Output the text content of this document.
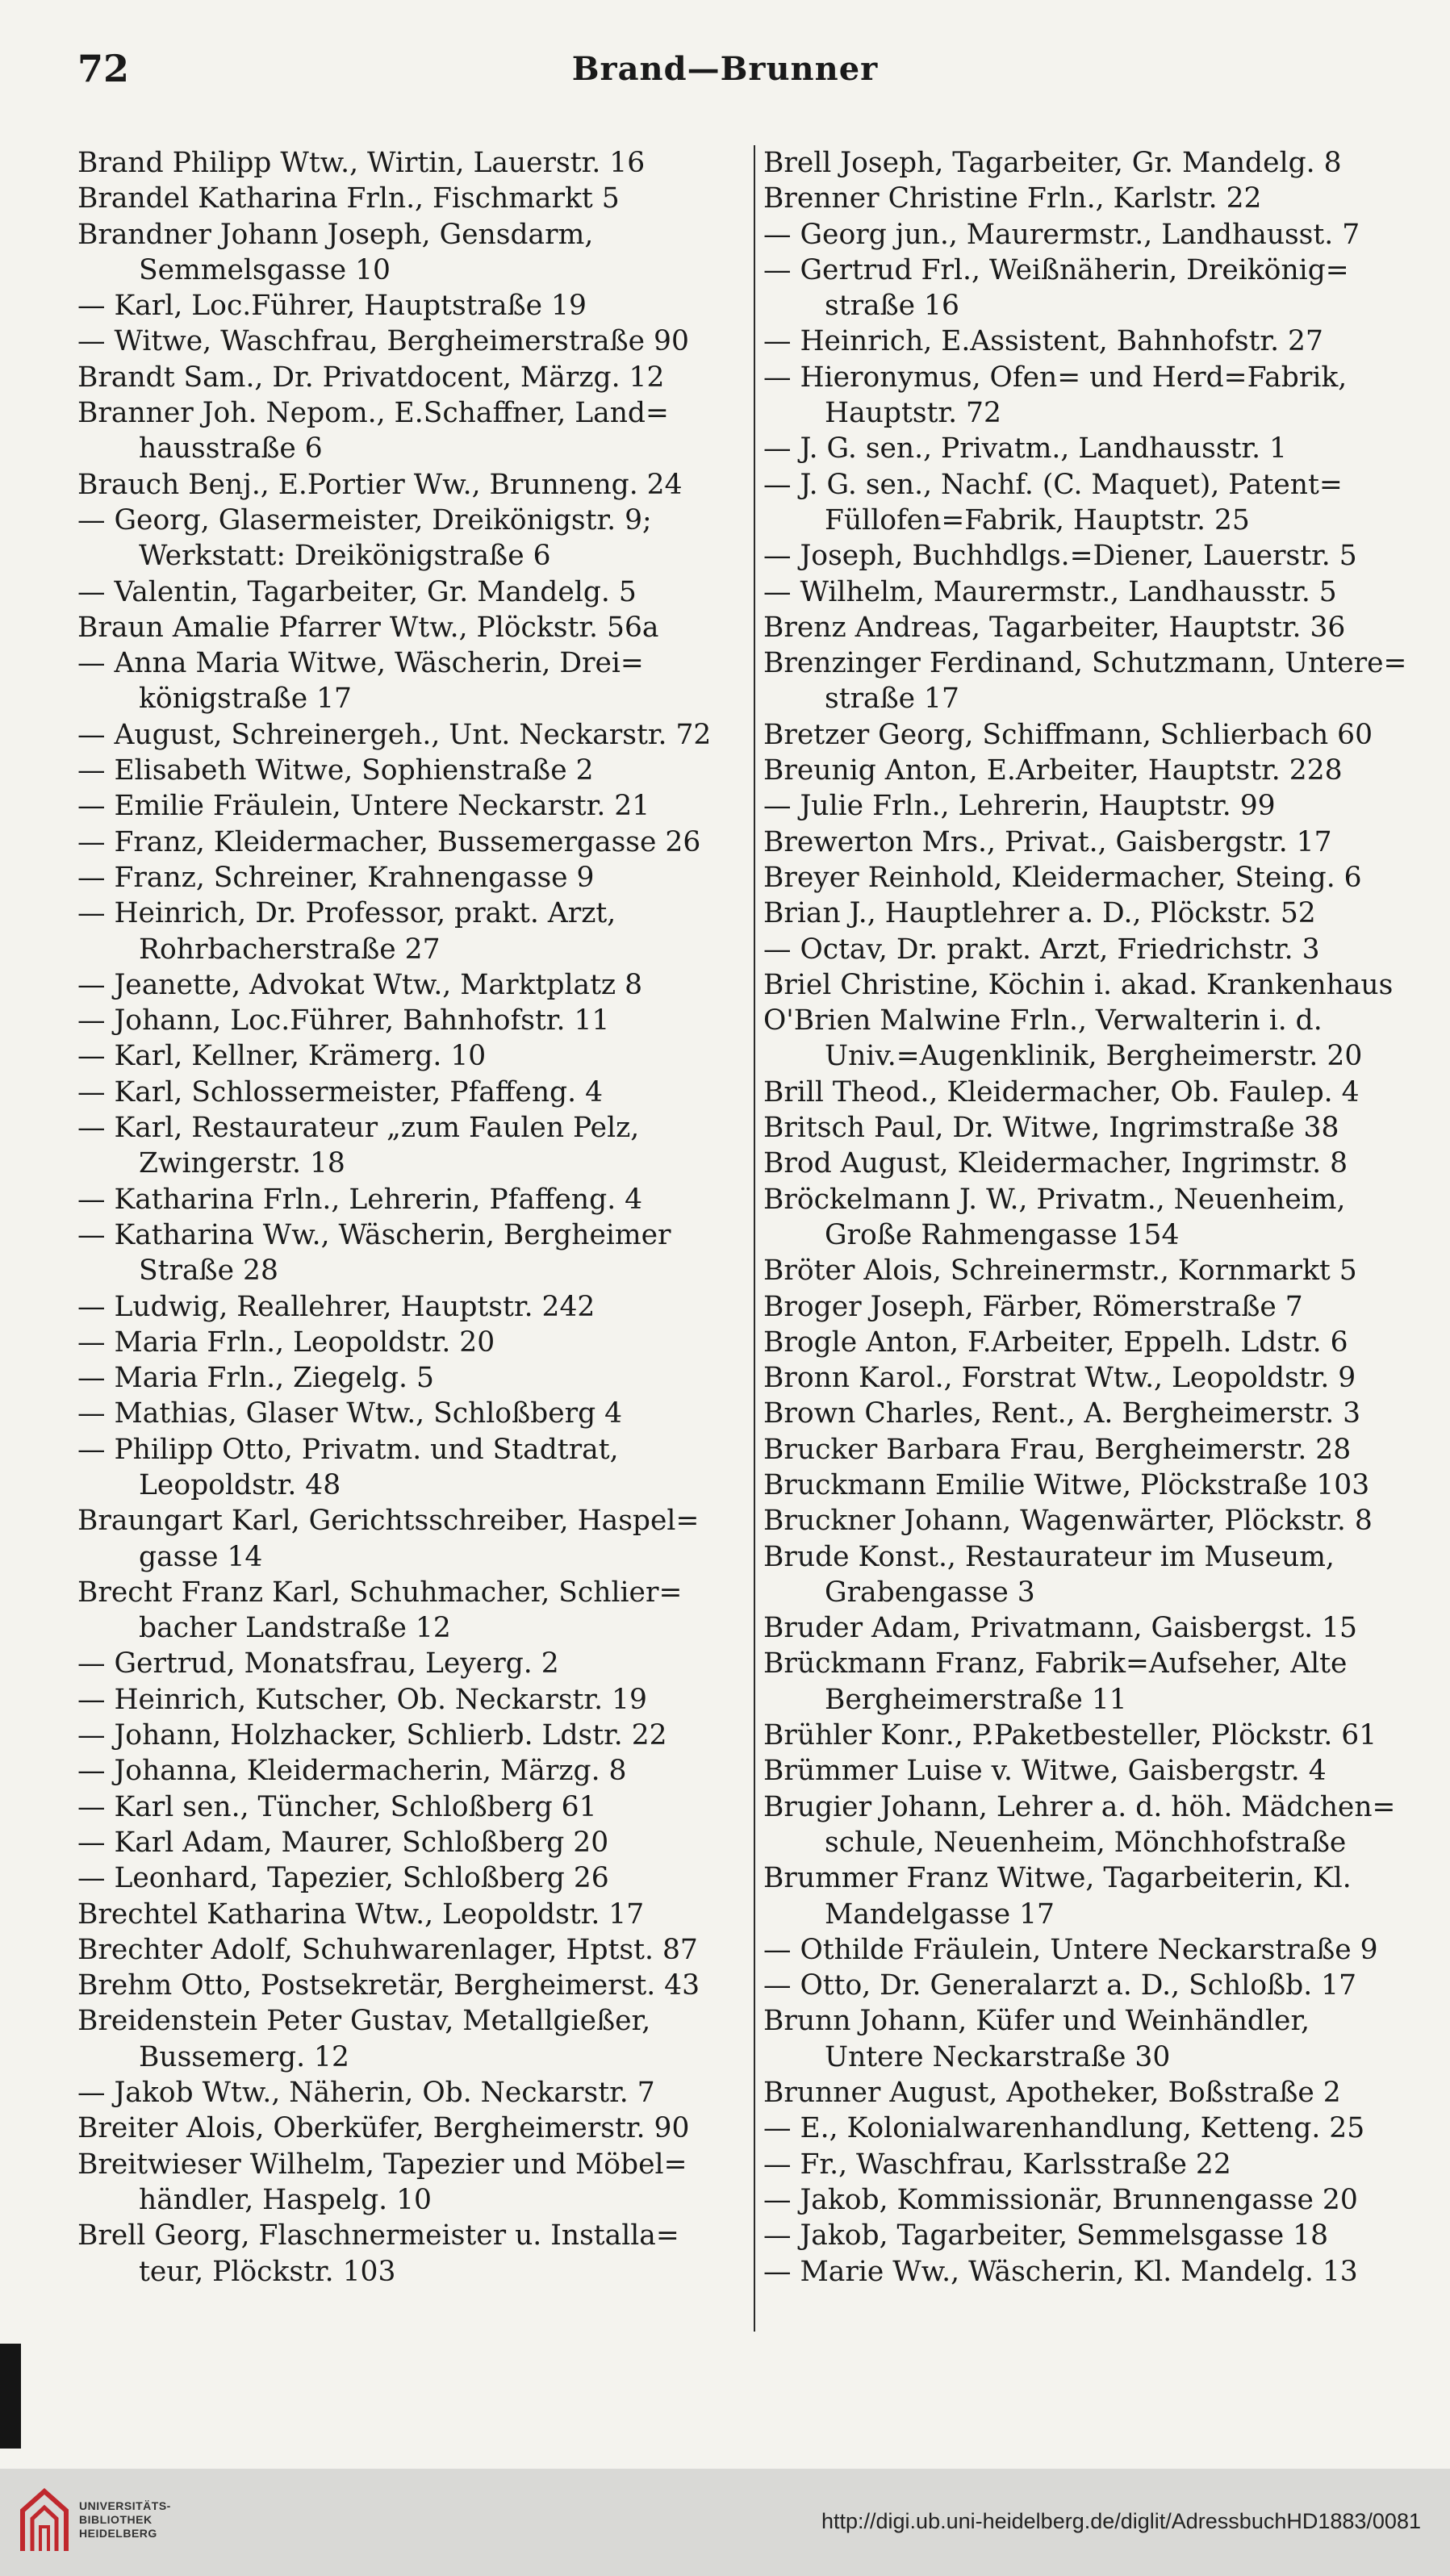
72	Brand—Brunner
Brand Philipp Wtw., Wirtin, Lauerstr. 16
Brandel Katharina Frln., Fischmarkt 5
Brandner Johann Joseph, Gensdarm,
Semmelsgasse 10
— Karl, Loc.Führer, Hauptstraße 19
— Witwe, Waschfrau, Bergheimerstraße 90
Brandt Sam., Dr. Privatdocent, Märzg. 12
Branner Joh. Nepom., E.Schaffner, Land=
hausstraße 6
Brauch Benj., E.Portier Ww., Brunneng. 24
— Georg, Glasermeister, Dreikönigstr. 9;
Werkstatt: Dreikönigstraße 6
— Valentin, Tagarbeiter, Gr. Mandelg. 5
Braun Amalie Pfarrer Wtw., Plöckstr. 56a
— Anna Maria Witwe, Wäscherin, Drei=
königstraße 17
— August, Schreinergeh., Unt. Neckarstr. 72
— Elisabeth Witwe, Sophienstraße 2
— Emilie Fräulein, Untere Neckarstr. 21
— Franz, Kleidermacher, Bussemergasse 26
— Franz, Schreiner, Krahnengasse 9
— Heinrich, Dr. Professor, prakt. Arzt,
Rohrbacherstraße 27
— Jeanette, Advokat Wtw., Marktplatz 8
— Johann, Loc.Führer, Bahnhofstr. 11
— Karl, Kellner, Krämerg. 10
— Karl, Schlossermeister, Pfaffeng. 4
— Karl, Restaurateur „zum Faulen Pelz,
Zwingerstr. 18
— Katharina Frln., Lehrerin, Pfaffeng. 4
— Katharina Ww., Wäscherin, Bergheimer
Straße 28
— Ludwig, Reallehrer, Hauptstr. 242
— Maria Frln., Leopoldstr. 20
— Maria Frln., Ziegelg. 5
— Mathias, Glaser Wtw., Schloßberg 4
— Philipp Otto, Privatm. und Stadtrat,
Leopoldstr. 48
Braungart Karl, Gerichtsschreiber, Haspel=
gasse 14
Brecht Franz Karl, Schuhmacher, Schlier=
bacher Landstraße 12
— Gertrud, Monatsfrau, Leyerg. 2
— Heinrich, Kutscher, Ob. Neckarstr. 19
— Johann, Holzhacker, Schlierb. Ldstr. 22
— Johanna, Kleidermacherin, Märzg. 8
— Karl sen., Tüncher, Schloßberg 61
— Karl Adam, Maurer, Schloßberg 20
— Leonhard, Tapezier, Schloßberg 26
Brechtel Katharina Wtw., Leopoldstr. 17
Brechter Adolf, Schuhwarenlager, Hptst. 87
Brehm Otto, Postsekretär, Bergheimerst. 43
Breidenstein Peter Gustav, Metallgießer,
Bussemerg. 12
— Jakob Wtw., Näherin, Ob. Neckarstr. 7
Breiter Alois, Oberküfer, Bergheimerstr. 90
Breitwieser Wilhelm, Tapezier und Möbel=
händler, Haspelg. 10
Brell Georg, Flaschnermeister u. Installa=
teur, Plöckstr. 103
Brell Joseph, Tagarbeiter, Gr. Mandelg. 8
Brenner Christine Frln., Karlstr. 22
— Georg jun., Maurermstr., Landhausst. 7
— Gertrud Frl., Weißnäherin, Dreikönig=
straße 16
— Heinrich, E.Assistent, Bahnhofstr. 27
— Hieronymus, Ofen= und Herd=Fabrik,
Hauptstr. 72
— J. G. sen., Privatm., Landhausstr. 1
— J. G. sen., Nachf. (C. Maquet), Patent=
Füllofen=Fabrik, Hauptstr. 25
— Joseph, Buchhdlgs.=Diener, Lauerstr. 5
— Wilhelm, Maurermstr., Landhausstr. 5
Brenz Andreas, Tagarbeiter, Hauptstr. 36
Brenzinger Ferdinand, Schutzmann, Untere=
straße 17
Bretzer Georg, Schiffmann, Schlierbach 60
Breunig Anton, E.Arbeiter, Hauptstr. 228
— Julie Frln., Lehrerin, Hauptstr. 99
Brewerton Mrs., Privat., Gaisbergstr. 17
Breyer Reinhold, Kleidermacher, Steing. 6
Brian J., Hauptlehrer a. D., Plöckstr. 52
— Octav, Dr. prakt. Arzt, Friedrichstr. 3
Briel Christine, Köchin i. akad. Krankenhaus
O'Brien Malwine Frln., Verwalterin i. d.
Univ.=Augenklinik, Bergheimerstr. 20
Brill Theod., Kleidermacher, Ob. Faulep. 4
Britsch Paul, Dr. Witwe, Ingrimstraße 38
Brod August, Kleidermacher, Ingrimstr. 8
Bröckelmann J. W., Privatm., Neuenheim,
Große Rahmengasse 154
Bröter Alois, Schreinermstr., Kornmarkt 5
Broger Joseph, Färber, Römerstraße 7
Brogle Anton, F.Arbeiter, Eppelh. Ldstr. 6
Bronn Karol., Forstrat Wtw., Leopoldstr. 9
Brown Charles, Rent., A. Bergheimerstr. 3
Brucker Barbara Frau, Bergheimerstr. 28
Bruckmann Emilie Witwe, Plöckstraße 103
Bruckner Johann, Wagenwärter, Plöckstr. 8
Brude Konst., Restaurateur im Museum,
Grabengasse 3
Bruder Adam, Privatmann, Gaisbergst. 15
Brückmann Franz, Fabrik=Aufseher, Alte
Bergheimerstraße 11
Brühler Konr., P.Paketbesteller, Plöckstr. 61
Brümmer Luise v. Witwe, Gaisbergstr. 4
Brugier Johann, Lehrer a. d. höh. Mädchen=
schule, Neuenheim, Mönchhofstraße
Brummer Franz Witwe, Tagarbeiterin, Kl.
Mandelgasse 17
— Othilde Fräulein, Untere Neckarstraße 9
— Otto, Dr. Generalarzt a. D., Schloßb. 17
Brunn Johann, Küfer und Weinhändler,
Untere Neckarstraße 30
Brunner August, Apotheker, Boßstraße 2
— E., Kolonialwarenhandlung, Ketteng. 25
— Fr., Waschfrau, Karlsstraße 22
— Jakob, Kommissionär, Brunnengasse 20
— Jakob, Tagarbeiter, Semmelsgasse 18
— Marie Ww., Wäscherin, Kl. Mandelg. 13
UNIVERSITÄTS-
BIBLIOTHEK
HEIDELBERG	http://digi.ub.uni-heidelberg.de/diglit/AdressbuchHD1883/0081
